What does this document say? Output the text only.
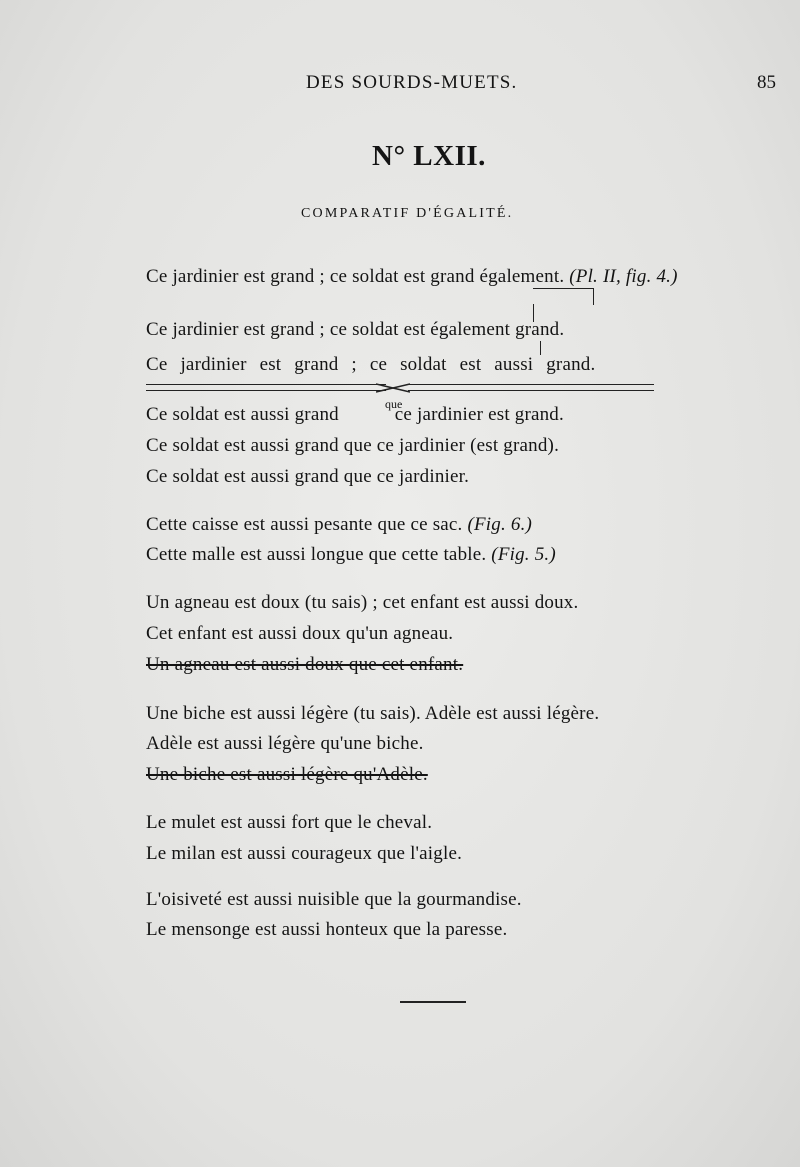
DES SOURDS-MUETS.	85
N° LXII.
COMPARATIF D'ÉGALITÉ.
Ce jardinier est grand ; ce soldat est grand également. (Pl. II, fig. 4.)
Ce jardinier est grand ; ce soldat est également grand.
Ce jardinier est grand ; ce soldat est aussi grand.
Ce soldat est aussi grand	ce jardinier est grand.
que
Ce soldat est aussi grand que ce jardinier (est grand).
Ce soldat est aussi grand que ce jardinier.
Cette caisse est aussi pesante que ce sac. (Fig. 6.)
Cette malle est aussi longue que cette table. (Fig. 5.)
Un agneau est doux (tu sais) ; cet enfant est aussi doux.
Cet enfant est aussi doux qu'un agneau.
Un agneau est aussi doux que cet enfant.
Une biche est aussi légère (tu sais). Adèle est aussi légère.
Adèle est aussi légère qu'une biche.
Une biche est aussi légère qu'Adèle.
Le mulet est aussi fort que le cheval.
Le milan est aussi courageux que l'aigle.
L'oisiveté est aussi nuisible que la gourmandise.
Le mensonge est aussi honteux que la paresse.
